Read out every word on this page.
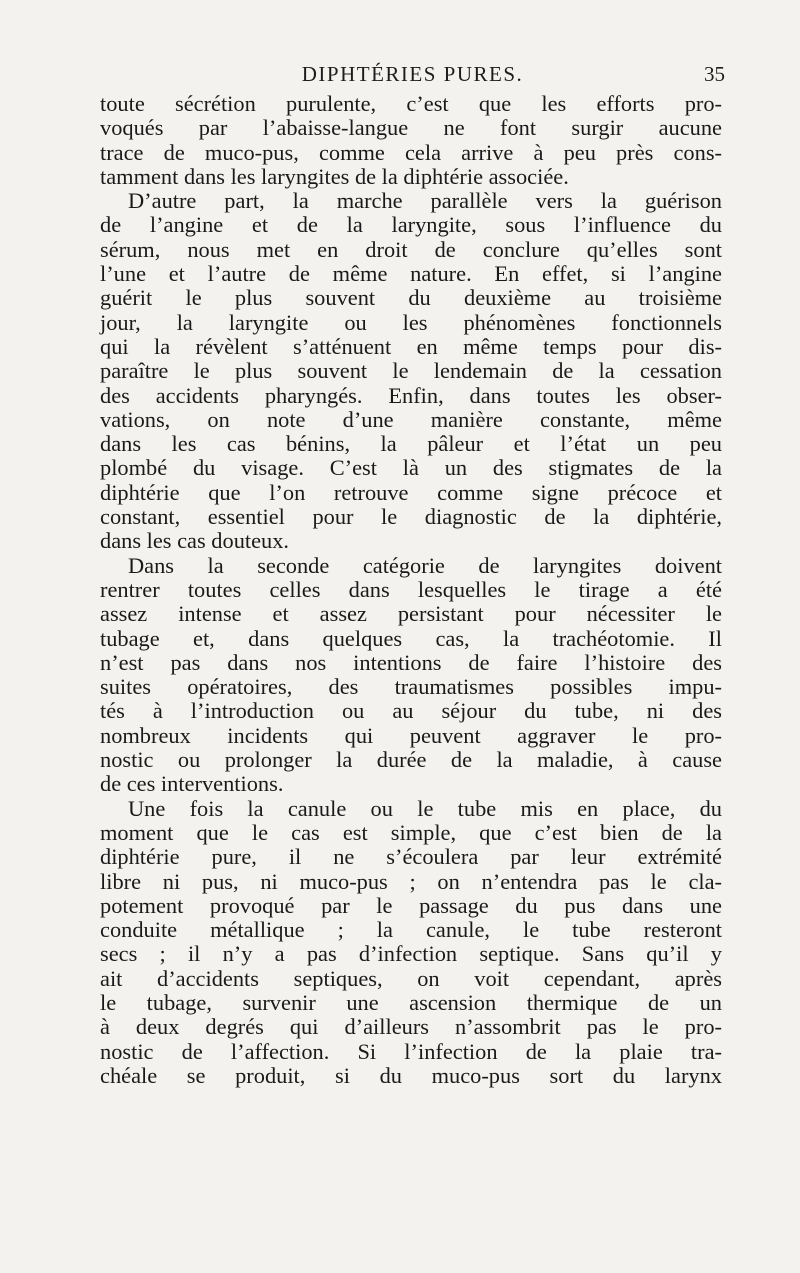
DIPHTÉRIES PURES.	35
toute sécrétion purulente, c’est que les efforts pro-
voqués par l’abaisse-langue ne font surgir aucune
trace de muco-pus, comme cela arrive à peu près cons-
tamment dans les laryngites de la diphtérie associée.
D’autre part, la marche parallèle vers la guérison
de l’angine et de la laryngite, sous l’influence du
sérum, nous met en droit de conclure qu’elles sont
l’une et l’autre de même nature. En effet, si l’angine
guérit le plus souvent du deuxième au troisième
jour, la laryngite ou les phénomènes fonctionnels
qui la révèlent s’atténuent en même temps pour dis-
paraître le plus souvent le lendemain de la cessation
des accidents pharyngés. Enfin, dans toutes les obser-
vations, on note d’une manière constante, même
dans les cas bénins, la pâleur et l’état un peu
plombé du visage. C’est là un des stigmates de la
diphtérie que l’on retrouve comme signe précoce et
constant, essentiel pour le diagnostic de la diphtérie,
dans les cas douteux.
Dans la seconde catégorie de laryngites doivent
rentrer toutes celles dans lesquelles le tirage a été
assez intense et assez persistant pour nécessiter le
tubage et, dans quelques cas, la trachéotomie. Il
n’est pas dans nos intentions de faire l’histoire des
suites opératoires, des traumatismes possibles impu-
tés à l’introduction ou au séjour du tube, ni des
nombreux incidents qui peuvent aggraver le pro-
nostic ou prolonger la durée de la maladie, à cause
de ces interventions.
Une fois la canule ou le tube mis en place, du
moment que le cas est simple, que c’est bien de la
diphtérie pure, il ne s’écoulera par leur extrémité
libre ni pus, ni muco-pus ; on n’entendra pas le cla-
potement provoqué par le passage du pus dans une
conduite métallique ; la canule, le tube resteront
secs ; il n’y a pas d’infection septique. Sans qu’il y
ait d’accidents septiques, on voit cependant, après
le tubage, survenir une ascension thermique de un
à deux degrés qui d’ailleurs n’assombrit pas le pro-
nostic de l’affection. Si l’infection de la plaie tra-
chéale se produit, si du muco-pus sort du larynx
